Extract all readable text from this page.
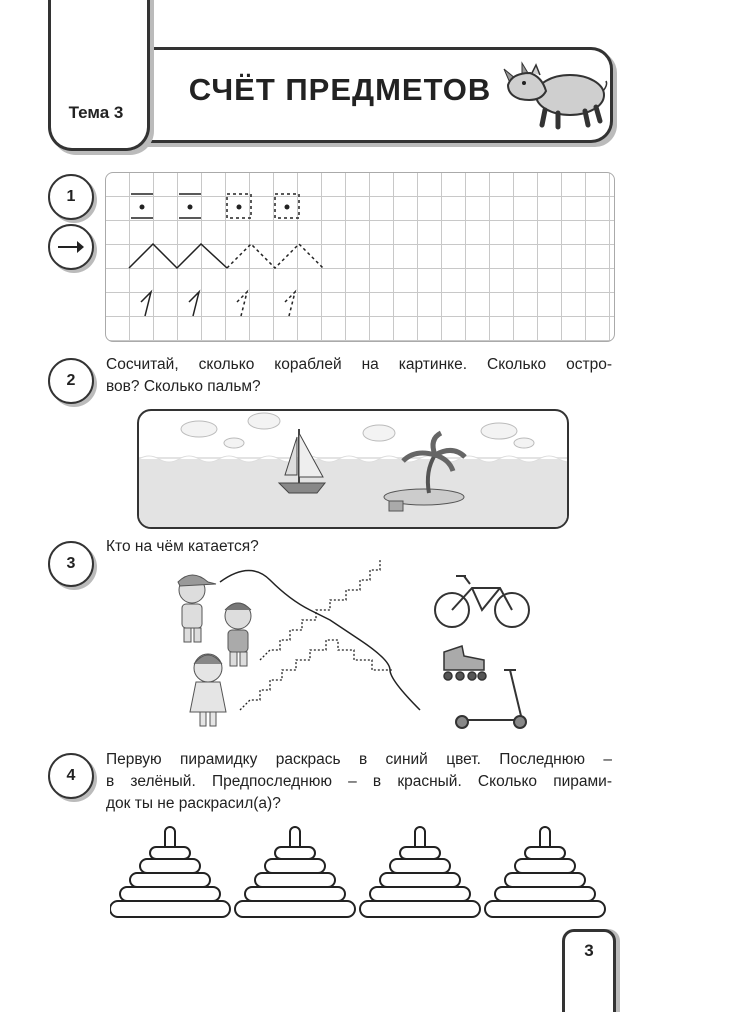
Тема 3
СЧЁТ ПРЕДМЕТОВ
1
2
Сосчитай, сколько кораблей на картинке. Сколько остро-
вов? Сколько пальм?
3
Кто на чём катается?
4
Первую пирамидку раскрась в синий цвет. Последнюю –
в зелёный. Предпоследнюю – в красный. Сколько пирами-
док ты не раскрасил(а)?
3
